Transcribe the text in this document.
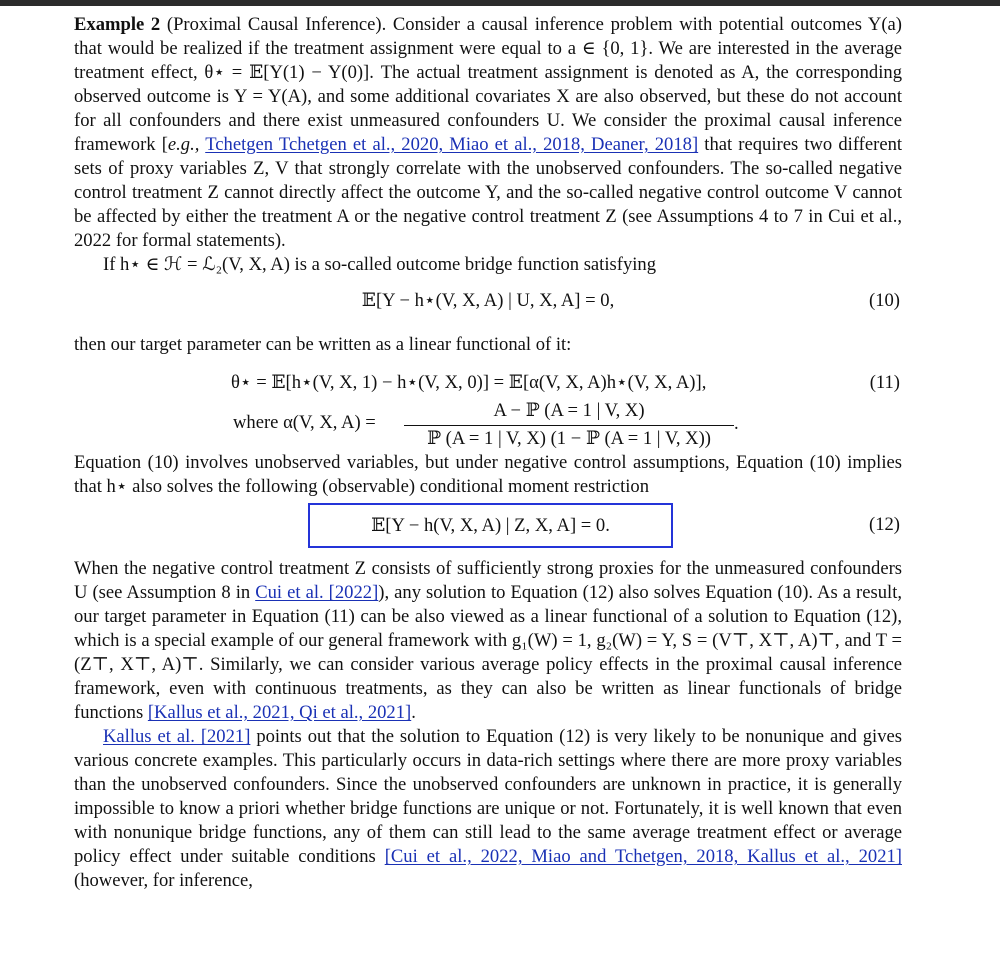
Example 2 (Proximal Causal Inference). Consider a causal inference problem with potential outcomes Y(a) that would be realized if the treatment assignment were equal to a ∈ {0, 1}. We are interested in the average treatment effect, θ⋆ = 𝔼[Y(1) − Y(0)]. The actual treatment assignment is denoted as A, the corresponding observed outcome is Y = Y(A), and some additional covariates X are also observed, but these do not account for all confounders and there exist unmeasured confounders U. We consider the proximal causal inference framework [e.g., Tchetgen Tchetgen et al., 2020, Miao et al., 2018, Deaner, 2018] that requires two different sets of proxy variables Z, V that strongly correlate with the unobserved confounders. The so-called negative control treatment Z cannot directly affect the outcome Y, and the so-called negative control outcome V cannot be affected by either the treatment A or the negative control treatment Z (see Assumptions 4 to 7 in Cui et al., 2022 for formal statements).

If h⋆ ∈ ℋ = ℒ₂(V, X, A) is a so-called outcome bridge function satisfying

𝔼[Y − h⋆(V, X, A) | U, X, A] = 0,	(10)

then our target parameter can be written as a linear functional of it:

θ⋆ = 𝔼[h⋆(V, X, 1) − h⋆(V, X, 0)] = 𝔼[α(V, X, A)h⋆(V, X, A)],	(11)
where α(V, X, A) =
A − ℙ (A = 1 | V, X)
ℙ (A = 1 | V, X) (1 − ℙ (A = 1 | V, X))
.

Equation (10) involves unobserved variables, but under negative control assumptions, Equation (10) implies that h⋆ also solves the following (observable) conditional moment restriction

𝔼[Y − h(V, X, A) | Z, X, A] = 0.	(12)

When the negative control treatment Z consists of sufficiently strong proxies for the unmeasured confounders U (see Assumption 8 in Cui et al. [2022]), any solution to Equation (12) also solves Equation (10). As a result, our target parameter in Equation (11) can be also viewed as a linear functional of a solution to Equation (12), which is a special example of our general framework with g₁(W) = 1, g₂(W) = Y, S = (V⊤, X⊤, A)⊤, and T = (Z⊤, X⊤, A)⊤. Similarly, we can consider various average policy effects in the proximal causal inference framework, even with continuous treatments, as they can also be written as linear functionals of bridge functions [Kallus et al., 2021, Qi et al., 2021].

Kallus et al. [2021] points out that the solution to Equation (12) is very likely to be nonunique and gives various concrete examples. This particularly occurs in data-rich settings where there are more proxy variables than the unobserved confounders. Since the unobserved confounders are unknown in practice, it is generally impossible to know a priori whether bridge functions are unique or not. Fortunately, it is well known that even with nonunique bridge functions, any of them can still lead to the same average treatment effect or average policy effect under suitable conditions [Cui et al., 2022, Miao and Tchetgen, 2018, Kallus et al., 2021] (however, for inference,
